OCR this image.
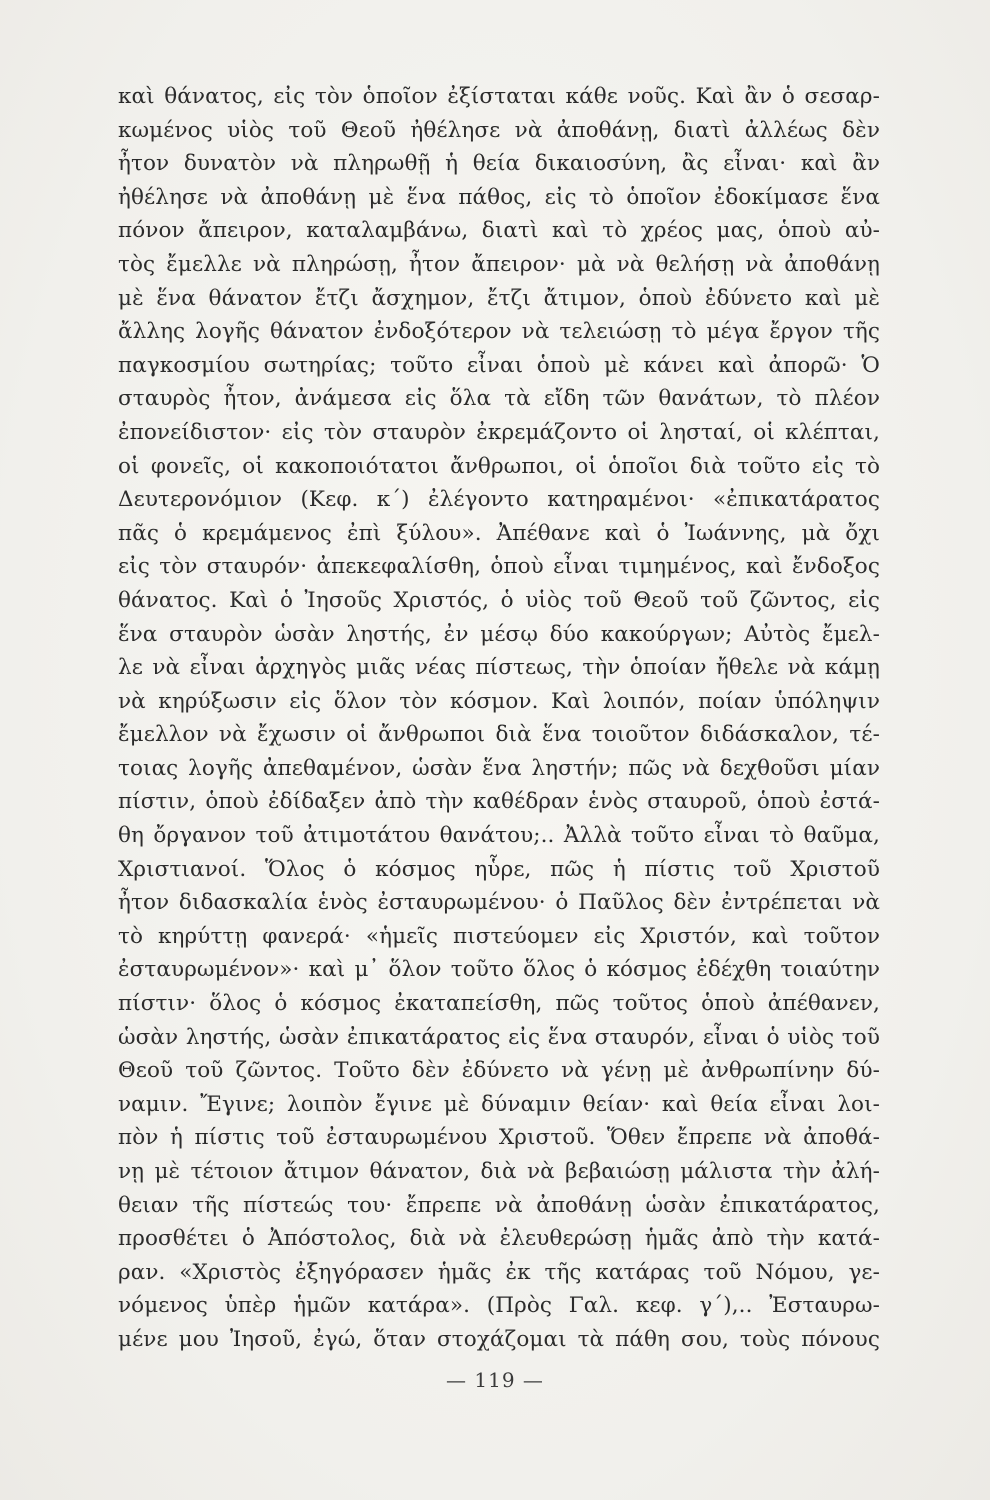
καὶ θάνατος, εἰς τὸν ὁποῖον ἐξίσταται κάθε νοῦς. Καὶ ἂν ὁ σεσαρ-
κωμένος υἱὸς τοῦ Θεοῦ ἠθέλησε νὰ ἀποθάνῃ, διατὶ ἀλλέως δὲν
ἦτον δυνατὸν νὰ πληρωθῇ ἡ θεία δικαιοσύνη, ἂς εἶναι· καὶ ἂν
ἠθέλησε νὰ ἀποθάνῃ μὲ ἕνα πάθος, εἰς τὸ ὁποῖον ἐδοκίμασε ἕνα
πόνον ἄπειρον, καταλαμβάνω, διατὶ καὶ τὸ χρέος μας, ὁποὺ αὐ-
τὸς ἔμελλε νὰ πληρώσῃ, ἦτον ἄπειρον· μὰ νὰ θελήσῃ νὰ ἀποθάνῃ
μὲ ἕνα θάνατον ἔτζι ἄσχημον, ἔτζι ἄτιμον, ὁποὺ ἐδύνετο καὶ μὲ
ἄλλης λογῆς θάνατον ἐνδοξότερον νὰ τελειώσῃ τὸ μέγα ἔργον τῆς
παγκοσμίου σωτηρίας; τοῦτο εἶναι ὁποὺ μὲ κάνει καὶ ἀπορῶ· Ὁ
σταυρὸς ἦτον, ἀνάμεσα εἰς ὅλα τὰ εἴδη τῶν θανάτων, τὸ πλέον
ἐπονείδιστον· εἰς τὸν σταυρὸν ἐκρεμάζοντο οἱ λησταί, οἱ κλέπται,
οἱ φονεῖς, οἱ κακοποιότατοι ἄνθρωποι, οἱ ὁποῖοι διὰ τοῦτο εἰς τὸ
Δευτερονόμιον (Κεφ. κ΄) ἐλέγοντο κατηραμένοι· «ἐπικατάρατος
πᾶς ὁ κρεμάμενος ἐπὶ ξύλου». Ἀπέθανε καὶ ὁ Ἰωάννης, μὰ ὄχι
εἰς τὸν σταυρόν· ἀπεκεφαλίσθη, ὁποὺ εἶναι τιμημένος, καὶ ἔνδοξος
θάνατος. Καὶ ὁ Ἰησοῦς Χριστός, ὁ υἱὸς τοῦ Θεοῦ τοῦ ζῶντος, εἰς
ἕνα σταυρὸν ὡσὰν ληστής, ἐν μέσῳ δύο κακούργων; Αὐτὸς ἔμελ-
λε νὰ εἶναι ἀρχηγὸς μιᾶς νέας πίστεως, τὴν ὁποίαν ἤθελε νὰ κάμῃ
νὰ κηρύξωσιν εἰς ὅλον τὸν κόσμον. Καὶ λοιπόν, ποίαν ὑπόληψιν
ἔμελλον νὰ ἔχωσιν οἱ ἄνθρωποι διὰ ἕνα τοιοῦτον διδάσκαλον, τέ-
τοιας λογῆς ἀπεθαμένον, ὡσὰν ἕνα ληστήν; πῶς νὰ δεχθοῦσι μίαν
πίστιν, ὁποὺ ἐδίδαξεν ἀπὸ τὴν καθέδραν ἑνὸς σταυροῦ, ὁποὺ ἐστά-
θη ὄργανον τοῦ ἀτιμοτάτου θανάτου;.. Ἀλλὰ τοῦτο εἶναι τὸ θαῦμα,
Χριστιανοί. Ὅλος ὁ κόσμος ηὗρε, πῶς ἡ πίστις τοῦ Χριστοῦ
ἦτον διδασκαλία ἑνὸς ἐσταυρωμένου· ὁ Παῦλος δὲν ἐντρέπεται νὰ
τὸ κηρύττῃ φανερά· «ἡμεῖς πιστεύομεν εἰς Χριστόν, καὶ τοῦτον
ἐσταυρωμένον»· καὶ μ᾽ ὅλον τοῦτο ὅλος ὁ κόσμος ἐδέχθη τοιαύτην
πίστιν· ὅλος ὁ κόσμος ἐκαταπείσθη, πῶς τοῦτος ὁποὺ ἀπέθανεν,
ὡσὰν ληστής, ὡσὰν ἐπικατάρατος εἰς ἕνα σταυρόν, εἶναι ὁ υἱὸς τοῦ
Θεοῦ τοῦ ζῶντος. Τοῦτο δὲν ἐδύνετο νὰ γένῃ μὲ ἀνθρωπίνην δύ-
ναμιν. Ἔγινε; λοιπὸν ἔγινε μὲ δύναμιν θείαν· καὶ θεία εἶναι λοι-
πὸν ἡ πίστις τοῦ ἐσταυρωμένου Χριστοῦ. Ὅθεν ἔπρεπε νὰ ἀποθά-
νῃ μὲ τέτοιον ἄτιμον θάνατον, διὰ νὰ βεβαιώσῃ μάλιστα τὴν ἀλή-
θειαν τῆς πίστεώς του· ἔπρεπε νὰ ἀποθάνῃ ὡσὰν ἐπικατάρατος,
προσθέτει ὁ Ἀπόστολος, διὰ νὰ ἐλευθερώσῃ ἡμᾶς ἀπὸ τὴν κατά-
ραν. «Χριστὸς ἐξηγόρασεν ἡμᾶς ἐκ τῆς κατάρας τοῦ Νόμου, γε-
νόμενος ὑπὲρ ἡμῶν κατάρα». (Πρὸς Γαλ. κεφ. γ΄),.. Ἐσταυρω-
μένε μου Ἰησοῦ, ἐγώ, ὅταν στοχάζομαι τὰ πάθη σου, τοὺς πόνους
— 119 —
